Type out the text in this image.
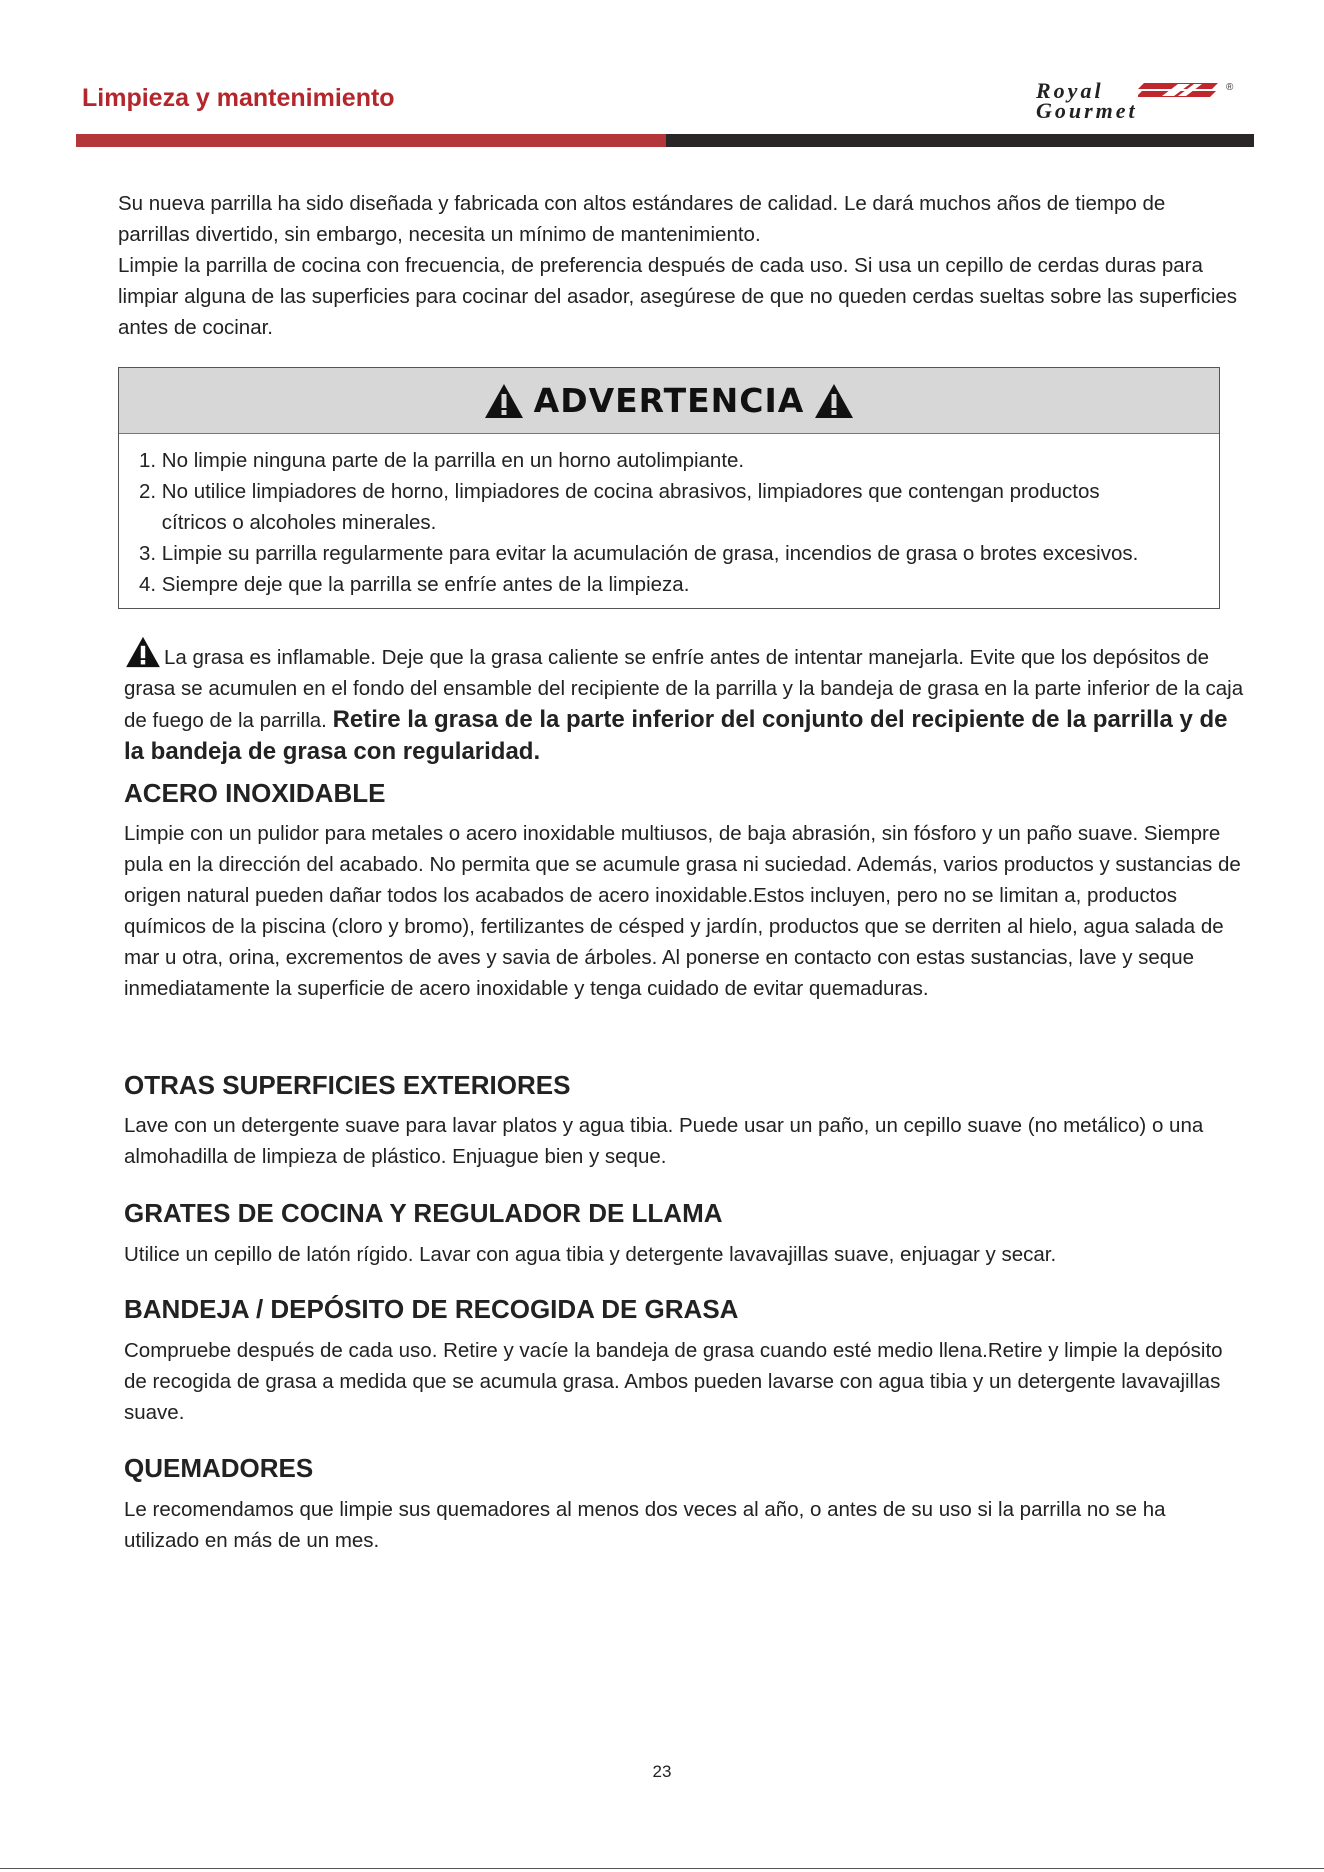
Limpieza y mantenimiento	Royal
Gourmet
®
Su nueva parrilla ha sido diseñada y fabricada con altos estándares de calidad. Le dará muchos años de tiempo de parrillas divertido, sin embargo, necesita un mínimo de mantenimiento.
Limpie la parrilla de cocina con frecuencia, de preferencia después de cada uso. Si usa un cepillo de cerdas duras para limpiar alguna de las superficies para cocinar del asador, asegúrese de que no queden cerdas sueltas sobre las superficies antes de cocinar.
ADVERTENCIA
1. No limpie ninguna parte de la parrilla en un horno autolimpiante.
2. No utilice limpiadores de horno, limpiadores de cocina abrasivos, limpiadores que contengan productos
cítricos o alcoholes minerales.
3. Limpie su parrilla regularmente para evitar la acumulación de grasa, incendios de grasa o brotes excesivos.
4. Siempre deje que la parrilla se enfríe antes de la limpieza.
La grasa es inflamable. Deje que la grasa caliente se enfríe antes de intentar manejarla. Evite que los depósitos de grasa se acumulen en el fondo del ensamble del recipiente de la parrilla y la bandeja de grasa en la parte inferior de la caja de fuego de la parrilla. Retire la grasa de la parte inferior del conjunto del recipiente de la parrilla y de la bandeja de grasa con regularidad.
ACERO INOXIDABLE
Limpie con un pulidor para metales o acero inoxidable multiusos, de baja abrasión, sin fósforo y un paño suave. Siempre pula en la dirección del acabado. No permita que se acumule grasa ni suciedad. Además, varios productos y sustancias de origen natural pueden dañar todos los acabados de acero inoxidable.Estos incluyen, pero no se limitan a, productos químicos de la piscina (cloro y bromo), fertilizantes de césped y jardín, productos que se derriten al hielo, agua salada de mar u otra, orina, excrementos de aves y savia de árboles. Al ponerse en contacto con estas sustancias, lave y seque inmediatamente la superficie de acero inoxidable y tenga cuidado de evitar quemaduras.
OTRAS SUPERFICIES EXTERIORES
Lave con un detergente suave para lavar platos y agua tibia. Puede usar un paño, un cepillo suave (no metálico) o una almohadilla de limpieza de plástico. Enjuague bien y seque.
GRATES DE COCINA Y REGULADOR DE LLAMA
Utilice un cepillo de latón rígido. Lavar con agua tibia y detergente lavavajillas suave, enjuagar y secar.
BANDEJA / DEPÓSITO DE RECOGIDA DE GRASA
Compruebe después de cada uso. Retire y vacíe la bandeja de grasa cuando esté medio llena.Retire y limpie la depósito de recogida de grasa a medida que se acumula grasa. Ambos pueden lavarse con agua tibia y un detergente lavavajillas suave.
QUEMADORES
Le recomendamos que limpie sus quemadores al menos dos veces al año, o antes de su uso si la parrilla no se ha utilizado en más de un mes.
23
